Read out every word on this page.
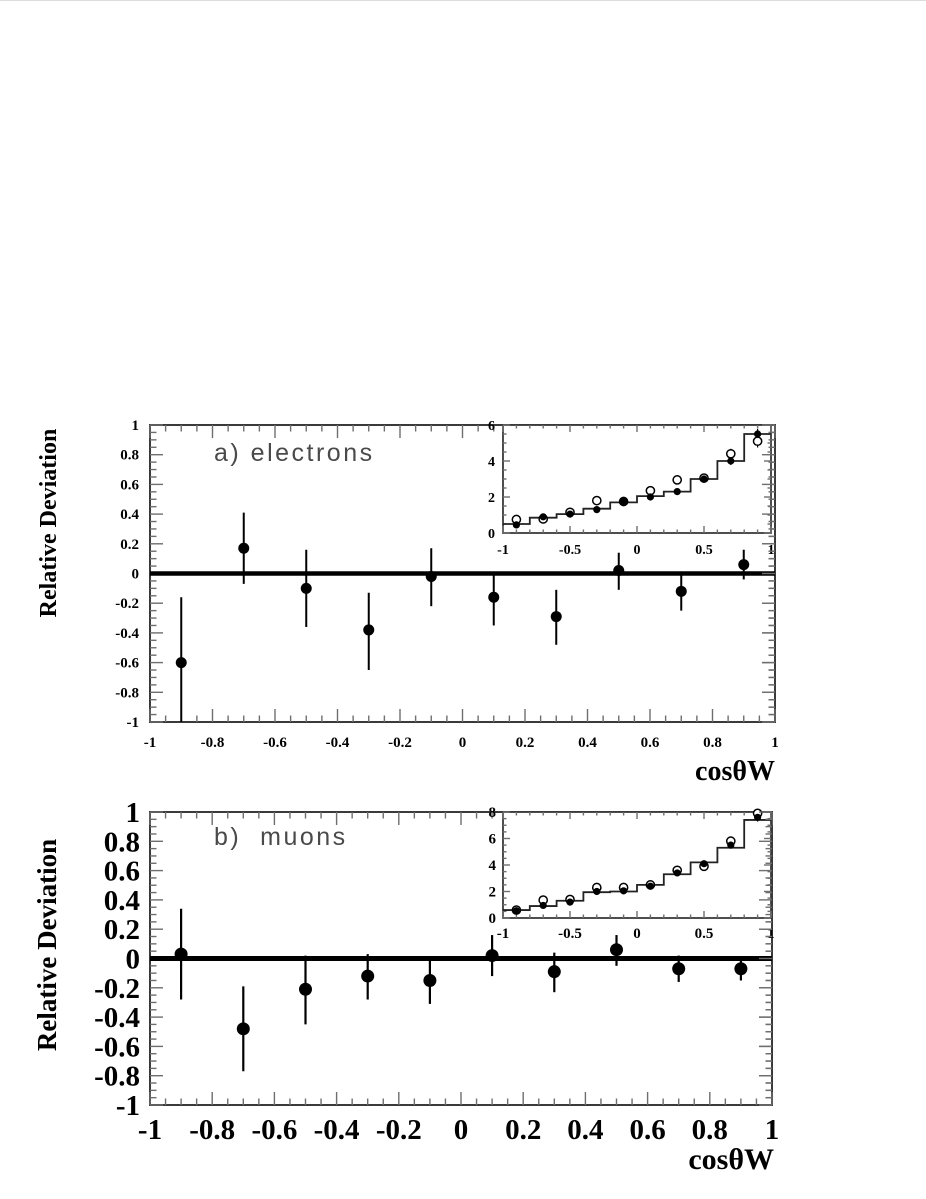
-1	-0.8	-0.6	-0.4	-0.2	0	0.2	0.4	0.6	0.8	1
1
0.8
0.6
0.4
0.2
0
-0.2
-0.4
-0.6
-0.8
-1
-1	-0.5	0	0.5	1
0
2
4
6
-1 -0.8 -0.6 -0.4 -0.2 0 0.2 0.4 0.6 0.8 1
1
0.8
0.6
0.4
0.2
0
-0.2
-0.4
-0.6
-0.8
-1
-1	-0.5	0	0.5	1
0
2
4
6
8
Relative Deviation	a) electrons
cosθW
Relative Deviation
b)  muons
cosθW
